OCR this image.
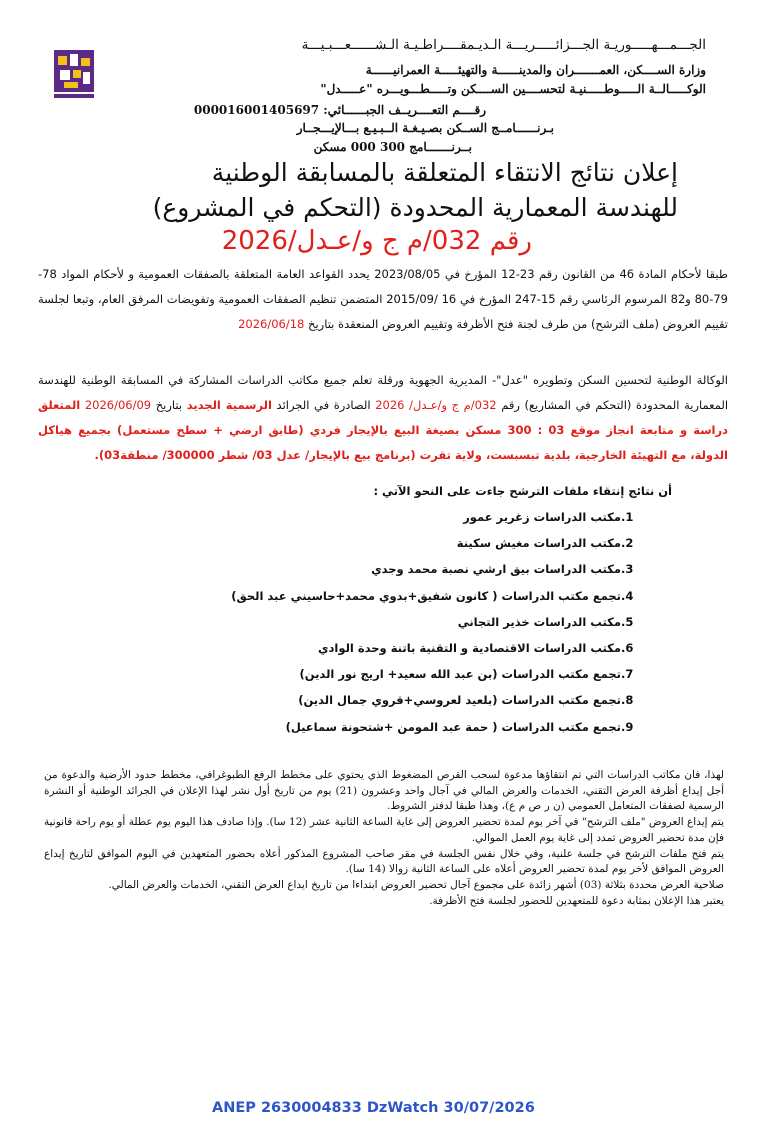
الجـــمـــهـــــوريـة الجـــزائـــــريـــة الـديـمقــــراطـيـة الـشــــــعـــبـيـــة
وزارة الســــكن، العمـــــــران والمدينــــــة والتهيئـــــة العمرانيــــــة
الوكـــــالــة الـــــوطـــــنيـة لتحســــين الســــكن وتـــــطـــويـــره "عـــــدل"
رقــــم التعــــريــف الجبــــــائي: 000016001405697
بـرنــــــامــج الســكن بصـيـغـة الــبـيـع بـــالإيـــجــار
بــرنـــــــامج 300 000 مسكن
إعلان نتائج الانتقاء المتعلقة بالمسابقة الوطنية
للهندسة المعمارية المحدودة (التحكم في المشروع)
رقم 032/م ج و/عـدل/2026
طبقا لأحكام المادة 46 من القانون رقم 23-12 المؤرخ في 2023/08/05 يحدد القواعد العامة المتعلقة بالصفقات العمومية و لأحكام المواد 78-79-80 و82 المرسوم الرئاسي رقم 15-247 المؤرخ في 16 /2015/09 المتضمن تنظيم الصفقات العمومية وتفويضات المرفق العام، وتبعا لجلسة تقييم العروض (ملف الترشح) من طرف لجنة فتح الأظرفة وتقييم العروض المنعقدة بتاريخ 2026/06/18
الوكالة الوطنية لتحسين السكن وتطويره "عدل"- المديرية الجهوية ورقلة تعلم جميع مكاتب الدراسات المشاركة في المسابقة الوطنية للهندسة المعمارية المحدودة (التحكم في المشاريع) رقم 032/م ج و/عـدل/ 2026 الصادرة في الجرائد الرسمية الجديد بتاريخ 2026/06/09 المتعلق دراسة و متابعة انجاز موقع 03 : 300 مسكن بصيغة البيع بالإيجار فردي (طابق ارضي + سطح مستعمل) بجميع هياكل الدولة، مع التهيئة الخارجية، بلدية تبسبست، ولاية تقرت (برنامج بيع بالإيجار/ عدل 03/ شطر 300000/ منطقة03).
أن نتائج إنتقاء ملفات الترشح جاءت على النحو الآتي :
.1
مكتب الدراسات زغرير عمور
.2
مكتب الدراسات مغيش سكينة
.3
مكتب الدراسات بيق ارشي نصبة محمد وجدي
.4
تجمع مكتب الدراسات ( كانون شفيق+بدوي محمد+حاسيني عبد الحق)
.5
مكتب الدراسات خذير التجاني
.6
مكتب الدراسات الاقتصادية و التقنية باتنة وحدة الوادي
.7
تجمع مكتب الدراسات (بن عبد الله سعيد+ اريج نور الدين)
.8
تجمع مكتب الدراسات (بلعيد لعروسي+قروي جمال الدين)
.9
تجمع مكتب الدراسات ( حمة عبد المومن +شتحونة سماعيل)

لهذا، فان مكاتب الدراسات التي تم انتقاؤها مدعوة لسحب القرص المضغوط الذي يحتوي على مخطط الرفع الطبوغرافي، مخطط حدود الأرضية والدعوة من أجل إيداع أظرفة العرض التقني، الخدمات والعرض المالي في آجال واحد وعشرون (21) يوم من تاريخ أول نشر لهذا الإعلان في الجرائد الوطنية أو النشرة الرسمية لصفقات المتعامل العمومي (ن ر ص م ع)، وهذا طبقا لدفتر الشروط.

يتم إيداع العروض "ملف الترشح" في آخر يوم لمدة تحضير العروض إلى غاية الساعة الثانية عشر (12 سا). وإذا صادف هذا اليوم يوم عطلة أو يوم راحة قانونية فإن مدة تحضير العروض تمدد إلى غاية يوم العمل الموالي.

يتم فتح ملفات الترشح في جلسة علنية، وفي خلال نفس الجلسة في مقر صاحب المشروع المذكور أعلاه بحضور المتعهدين في اليوم الموافق لتاريخ إيداع العروض الموافق لأخر يوم لمدة تحضير العروض أعلاه على الساعة الثانية زوالا (14 سا).

صلاحية العرض محددة بثلاثة (03) أشهر زائدة على مجموع آجال تحضير العروض ابتداءا من تاريخ ايداع العرض التقني، الخدمات والعرض المالي.

يعتبر هذا الإعلان بمثابة دعوة للمتعهدين للحضور لجلسة فتح الأظرفة.

ANEP 2630004833 DzWatch 30/07/2026
